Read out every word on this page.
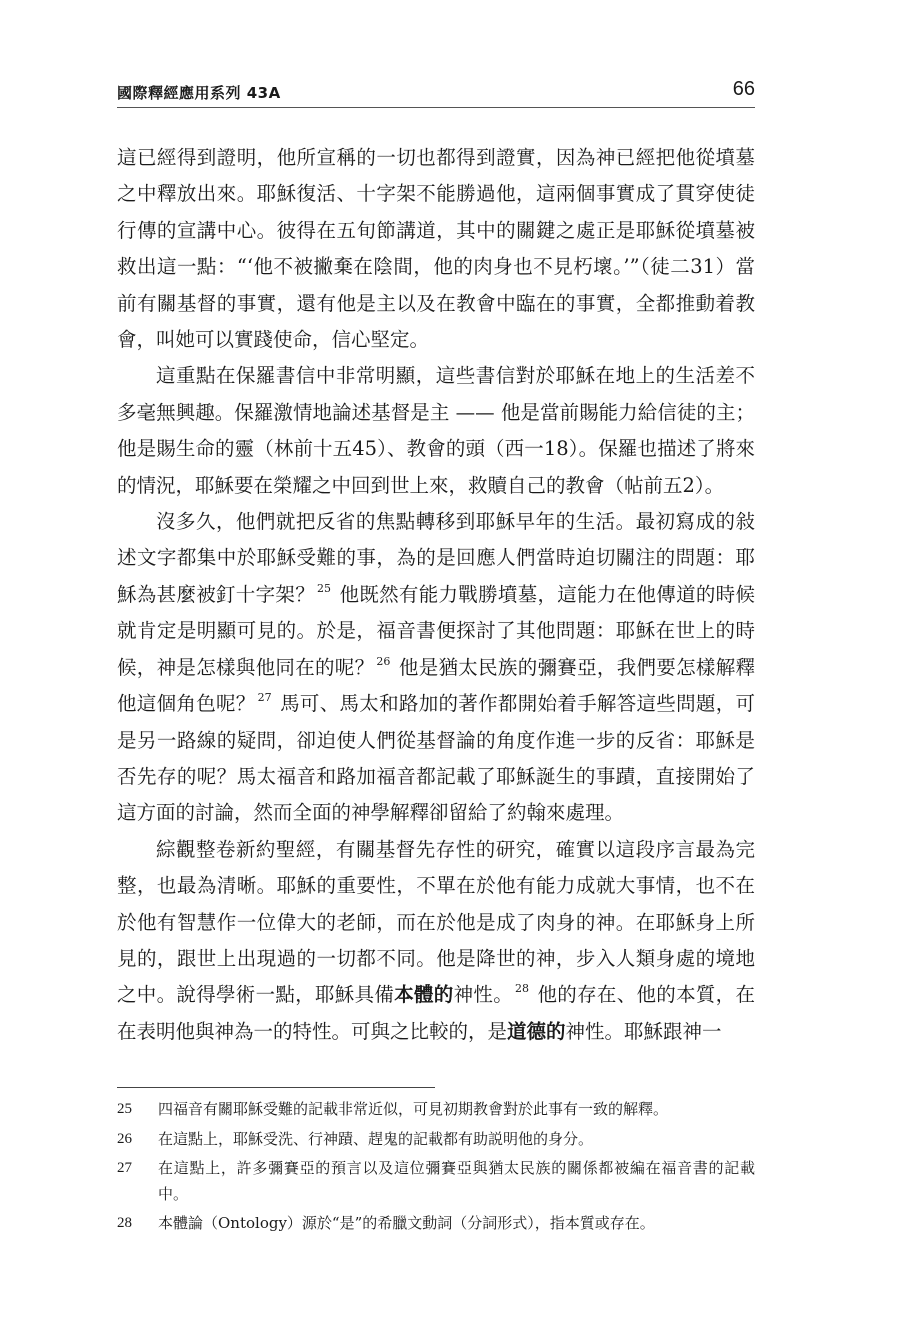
國際釋經應用系列 43A	66

這已經得到證明，他所宣稱的一切也都得到證實，因為神已經把他從墳墓之中釋放出來。耶穌復活、十字架不能勝過他，這兩個事實成了貫穿使徒行傳的宣講中心。彼得在五旬節講道，其中的關鍵之處正是耶穌從墳墓被救出這一點：“‘他不被撇棄在陰間，他的肉身也不見朽壞。’”（徒二31）當前有關基督的事實，還有他是主以及在教會中臨在的事實，全都推動着教會，叫她可以實踐使命，信心堅定。

這重點在保羅書信中非常明顯，這些書信對於耶穌在地上的生活差不多毫無興趣。保羅激情地論述基督是主 —— 他是當前賜能力給信徒的主；他是賜生命的靈（林前十五45）、教會的頭（西一18）。保羅也描述了將來的情況，耶穌要在榮耀之中回到世上來，救贖自己的教會（帖前五2）。

沒多久，他們就把反省的焦點轉移到耶穌早年的生活。最初寫成的敍述文字都集中於耶穌受難的事，為的是回應人們當時迫切關注的問題：耶穌為甚麼被釘十字架？ $^{25}$ 他既然有能力戰勝墳墓，這能力在他傳道的時候就肯定是明顯可見的。於是，福音書便探討了其他問題：耶穌在世上的時候，神是怎樣與他同在的呢？ $^{26}$ 他是猶太民族的彌賽亞，我們要怎樣解釋他這個角色呢？ $^{27}$ 馬可、馬太和路加的著作都開始着手解答這些問題，可是另一路線的疑問，卻迫使人們從基督論的角度作進一步的反省：耶穌是否先存的呢？馬太福音和路加福音都記載了耶穌誕生的事蹟，直接開始了這方面的討論，然而全面的神學解釋卻留給了約翰來處理。

綜觀整卷新約聖經，有關基督先存性的研究，確實以這段序言最為完整，也最為清晰。耶穌的重要性，不單在於他有能力成就大事情，也不在於他有智慧作一位偉大的老師，而在於他是成了肉身的神。在耶穌身上所見的，跟世上出現過的一切都不同。他是降世的神，步入人類身處的境地之中。說得學術一點，耶穌具備本體的神性。 $^{28}$ 他的存在、他的本質，在在表明他與神為一的特性。可與之比較的，是道德的神性。耶穌跟神一

25	四福音有關耶穌受難的記載非常近似，可見初期教會對於此事有一致的解釋。
26	在這點上，耶穌受洗、行神蹟、趕鬼的記載都有助説明他的身分。
27	在這點上，許多彌賽亞的預言以及這位彌賽亞與猶太民族的關係都被編在福音書的記載中。
28	本體論（Ontology）源於“是”的希臘文動詞（分詞形式），指本質或存在。
